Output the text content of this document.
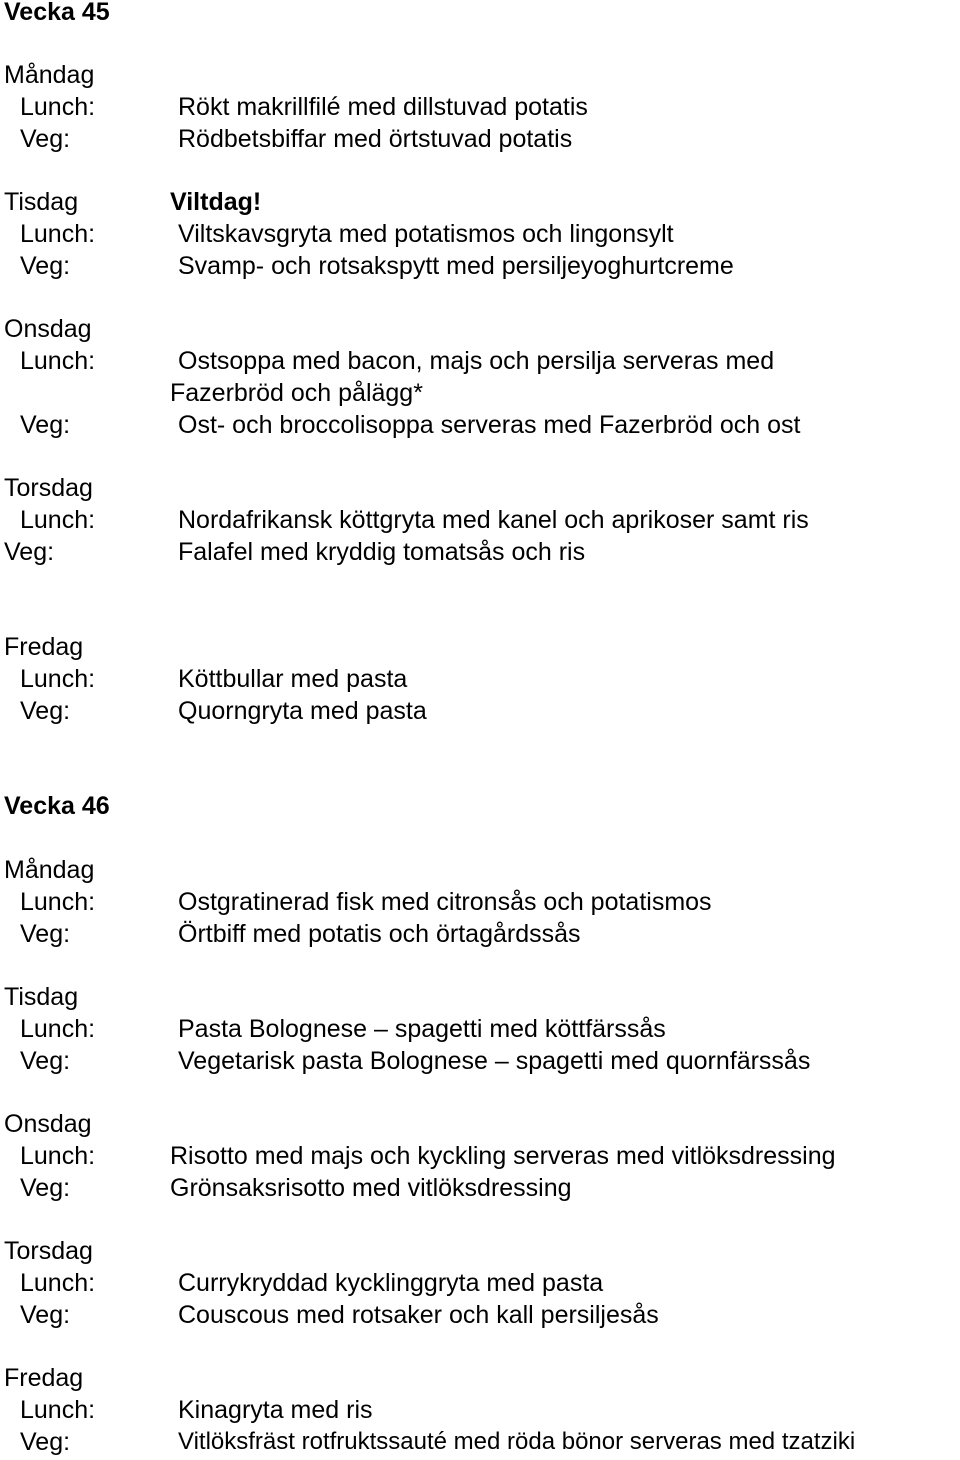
Vecka 45
Måndag
Lunch:	Rökt makrillfilé med dillstuvad potatis
Veg:	Rödbetsbiffar med örtstuvad potatis
Tisdag	Viltdag!
Lunch:	Viltskavsgryta med potatismos och lingonsylt
Veg:	Svamp- och rotsakspytt med persiljeyoghurtcreme
Onsdag
Lunch:	Ostsoppa med bacon, majs och persilja serveras med
Fazerbröd och pålägg*
Veg:	Ost- och broccolisoppa serveras med Fazerbröd och ost
Torsdag
Lunch:	Nordafrikansk köttgryta med kanel och aprikoser samt ris
Veg:	Falafel med kryddig tomatsås och ris
Fredag
Lunch:	Köttbullar med pasta
Veg:	Quorngryta med pasta
Vecka 46
Måndag
Lunch:	Ostgratinerad fisk med citronsås och potatismos
Veg:	Örtbiff med potatis och örtagårdssås
Tisdag
Lunch:	Pasta Bolognese – spagetti med köttfärssås
Veg:	Vegetarisk pasta Bolognese – spagetti med quornfärssås
Onsdag
Lunch:	Risotto med majs och kyckling serveras med vitlöksdressing
Veg:	Grönsaksrisotto med vitlöksdressing
Torsdag
Lunch:	Currykryddad kycklinggryta med pasta
Veg:	Couscous med rotsaker och kall persiljesås
Fredag
Lunch:	Kinagryta med ris
Veg:	Vitlöksfräst rotfruktssauté med röda bönor serveras med tzatziki
